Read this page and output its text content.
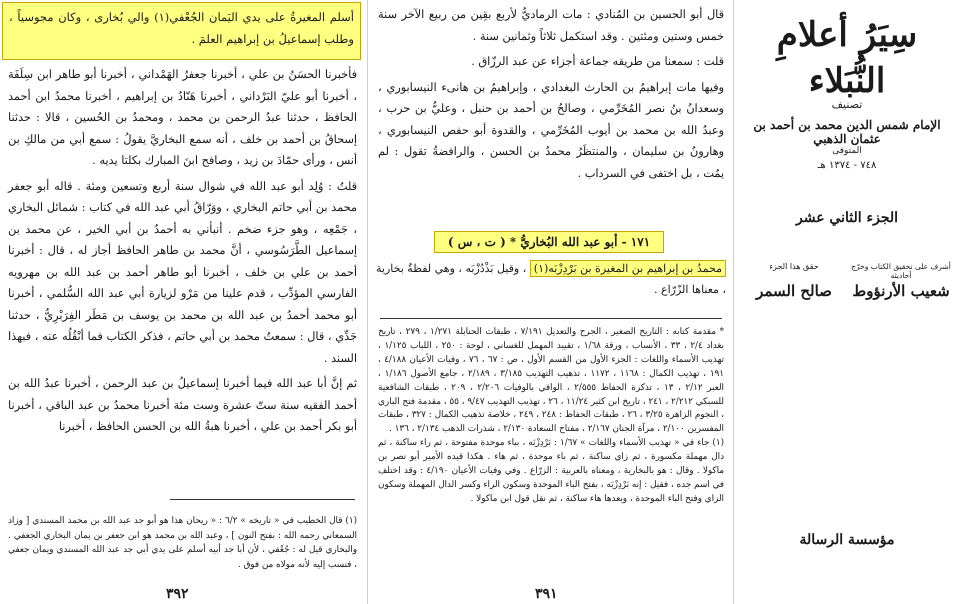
أسلم المغيرةُ على يدي اليَمان الجُعْفي(١) والي بُخارى ، وكان مجوسياً ، وطلب إسماعيلُ بن إبراهيم العلمَ .

فأخبرنا الحسَنُ بن علي ، أخبرنا جعفرُ الهَمْداني ، أخبرنا أبو طاهر ابن سِلَفَة ، أخبرنا أبو عليّ البَرْداني ، أخبرنا هَنّادُ بن إبراهيم ، أخبرنا محمدُ ابن أحمد الحافظ ، حدثنا عبدُ الرحمن بن محمد ، ومحمدُ بن الحُسين ، قالا : حدثنا إسحاقُ بن أحمد بن خلف ، أنه سمع البخاريَّ يقولُ : سمع أبي من مالكِ بن أنس ، ورأى حمّادَ بن زيد ، وصافح ابنَ المبارك بكلتا يديه .

قلتُ : وُلِد أبو عبد الله في شوال سنة أربع وتسعين ومئة . قاله أبو جعفر محمد بن أبي حاتم البخاري ، ووَرّاقُ أبي عبد الله في كتاب : شمائل البخاري ، جَمْعِه ، وهو جزء ضخم . أنبأني به أحمدُ بن أبي الخير ، عن محمد بن إسماعيل الطَّرَسُوسي ، أنَّ محمد بن طاهر الحافظ أجاز له ، قال : أخبرنا أحمد بن علي بن خلف ، أخبرنا أبو طاهر أحمد بن عبد الله بن مهرويه الفارسي المؤدِّب ، قدم علينا من مَرْو لزيارة أبي عبد الله السُّلمي ، أخبرنا أبو محمد أحمدُ بن عبد الله بن محمد بن يوسف بن مَطَر الفِرَبْرِيُّ ، حدثنا جَدِّي ، قال : سمعتُ محمد بن أبي حاتم ، فذكر الكتاب فما أنْقُلُه عنه ، فبهذا السند .

ثم إنَّ أبا عبد الله فيما أخبرنا إسماعيلُ بن عبد الرحمن ، أخبرنا عبدُ الله بن أحمد الفقيه سنة ستّ عشرة وست مئة أخبرنا محمدُ بن عبد الباقي ، أخبرنا أبو بكر أحمد بن علي ، أخبرنا هبةُ الله بن الحسن الحافظ ، أخبرنا

(١) قال الخطيب في « تاريخه » ٦/٢ : « ريحان هذا هو أبو جد عبد الله بن محمد المسندي [ وزاد السمعاني رحمه الله : بفتح النون ] ، وعبد الله بن محمد هو ابن جعفر بن يمان البخاري الجعفي . والبخاري قيل له : جُعْفي ، لأن أبا جد أبيه أسلم على يدي أبي جد عبد الله المسندي ويمان جعفي ، فنسب إليه لأنه مولاه من فوق .

٣٩٢

قال أبو الحسين بن المُنادي : مات الرماديُّ لأربع بقِين من ربيع الآخر سنة خمس وستين ومئتين . وقد استكمل ثلاثاً وثمانين سنة .

قلت : سمعنا من طريقه جماعة أجزاء عن عبد الرزّاق .

وفيها مات إبراهيمُ بن الحارث البغدادي ، وإبراهيمُ بن هانىء النيسابوري ، وسعدانُ بنُ نصر المُخَرِّمي ، وصالحُ بن أحمد بن حنبل ، وعليُّ بن حرب ، وعبدُ الله بن محمد بن أيوب المُخَرِّمي ، والقدوة أبو حفص النيسابوري ، وهارونُ بن سليمان ، والمنتظَرُ محمدُ بن الحسن ، والرافضةُ تقول : لم يمُت ، بل اختفى في السرداب .

١٧١ - أبو عبد الله البُخاريُّ * ( ت ، س )
محمدُ بن إبراهيم بن المغيرة بن بَرْدِزْبَه(١) ، وقيل بَذْدُزْبَه ، وهي لفظةٌ بخارية ، معناها الزّرّاع .

* مقدمة كتابه : التاريخ الصغير ، الجرح والتعديل ٧/١٩١ ، طبقات الحنابلة ١/٢٧١ ، ٢٧٩ ، تاريخ بغداد ٢/٤ ، ٣٣ ، الأنساب ، ورقة ١/٦٨ ، تقييد المهمل للغساني ، لوحة : ٢٥٠ ، اللباب ١/١٢٥ ، تهذيب الأسماء واللغات : الجزء الأول من القسم الأول ، ص : ٦٧ ، ٧٦ ، وفيات الأعيان ٤/١٨٨ ، ١٩١ ، تهذيب الكمال : ١١٦٨ ، ١١٧٢ ، تذهيب التهذيب ٣/١٨٥ ، ٢/١٨٩ ، جامع الأصول ١/١٨٦ ، العبر ٢/١٢ ، ١٣ ، تذكرة الحفاظ ٢/٥٥٥ ، الوافي بالوفيات ٢/٢٠٦ ، ٢٠٩ ، طبقات الشافعية للسبكي ٢/٢١٢ ، ٢٤١ ، تاريخ ابن كثير ١١/٢٤ ، ٢٦ ، تهذيب التهذيب ٩/٤٧ ، ٥٥ ، مقدمة فتح الباري ، النجوم الزاهرة ٣/٢٥ ، ٢٦ ، طبقات الحفاظ : ٢٤٨ ، ٢٤٩ ، خلاصة تذهيب الكمال : ٣٢٧ ، طبقات المفسرين ٢/١٠٠ ، مرآة الجنان ٢/١٦٧ ، مفتاح السعادة ٢/١٣٠ ، شذرات الذهب ٢/١٣٤ ، ١٣٦ .

(١) جاء في « تهذيب الأسماء واللغات » ١/٦٧ : بَرْدِزْبَه ، بباء موحدة مفتوحة ، ثم راء ساكنة ، ثم دال مهملة مكسورة ، ثم زاي ساكنة ، ثم باء موحدة ، ثم هاء . هكذا قيده الأمير أبو نصر بن ماكولا . وقال : هو بالبخارية ، ومعناه بالعربية : الزرّاع . وفي وفيات الأعيان ٤/١٩٠ : وقد اختلف في اسم جده ، فقيل : إنه بَرْدِزْبَه ، بفتح الباء الموحدة وسكون الراء وكسر الدال المهملة وسكون الزاي وفتح الباء الموحدة ، وبعدها هاء ساكنة ، ثم نقل قول ابن ماكولا .

٣٩١
سِيَرُ أعلامِ النُّبَلاء
تصنيف
الإمام شمس الدين محمد بن أحمد بن عثمان الذهبي
المتوفى
٧٤٨ - ١٣٧٤ هـ
الجزء الثاني عشر
حقق هذا الجزء
صالح السمر
أشرف على تحقيق الكتاب وخرّج أحاديثه
شعيب الأرنؤوط
مؤسسة الرسالة
